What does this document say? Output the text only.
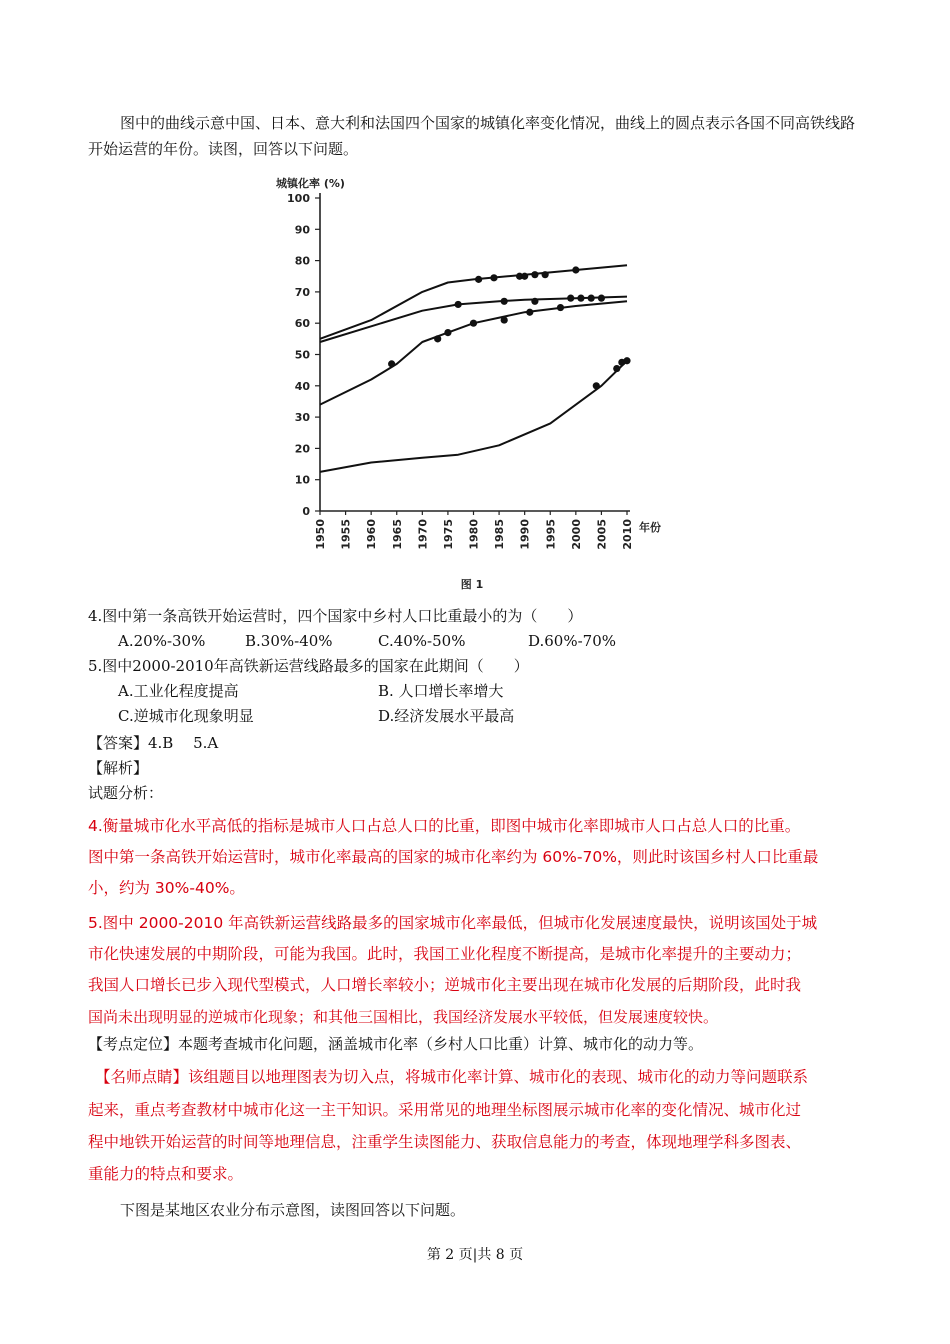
图中的曲线示意中国、日本、意大利和法国四个国家的城镇化率变化情况，曲线上的圆点表示各国不同高铁线路开始运营的年份。读图，回答以下问题。
0
10
20
30
40
50
60
70
80
90
100
1950 1955 1960 1965 1970 1975 1980 1985 1990 1995 2000 2005 2010
城镇化率 (%)
年份
图 1
4.图中第一条高铁开始运营时，四个国家中乡村人口比重最小的为（　　）
A.20%-30%	B.30%-40%	C.40%-50%	D.60%-70%
5.图中2000-2010年高铁新运营线路最多的国家在此期间（　　）
A.工业化程度提高	B. 人口增长率增大
C.逆城市化现象明显	D.经济发展水平最高
【答案】4.B　 5.A
【解析】
试题分析：
4.衡量城市化水平高低的指标是城市人口占总人口的比重，即图中城市化率即城市人口占总人口的比重。
图中第一条高铁开始运营时，城市化率最高的国家的城市化率约为 60%-70%，则此时该国乡村人口比重最
小，约为 30%-40%。
5.图中 2000-2010 年高铁新运营线路最多的国家城市化率最低，但城市化发展速度最快，说明该国处于城
市化快速发展的中期阶段，可能为我国。此时，我国工业化程度不断提高，是城市化率提升的主要动力；
我国人口增长已步入现代型模式，人口增长率较小；逆城市化主要出现在城市化发展的后期阶段，此时我
国尚未出现明显的逆城市化现象；和其他三国相比，我国经济发展水平较低，但发展速度较快。
【考点定位】本题考查城市化问题，涵盖城市化率（乡村人口比重）计算、城市化的动力等。
【名师点睛】该组题目以地理图表为切入点，将城市化率计算、城市化的表现、城市化的动力等问题联系
起来，重点考查教材中城市化这一主干知识。采用常见的地理坐标图展示城市化率的变化情况、城市化过
程中地铁开始运营的时间等地理信息，注重学生读图能力、获取信息能力的考查，体现地理学科多图表、
重能力的特点和要求。
下图是某地区农业分布示意图，读图回答以下问题。
第 2 页|共 8 页
